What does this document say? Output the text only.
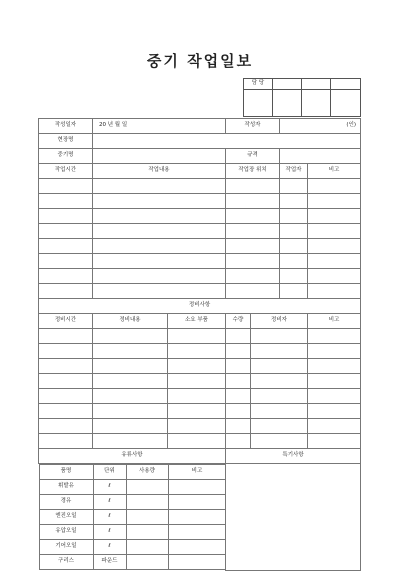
중기 작업일보
담 당			

작성일자	20 년 월 일	작성자	(인)
현장명	
중기명		규격	
작업시간	작업내용	작업장 위치	작업자	비고

정비사항
정비시간	정비내용	소요 부품	수량	정비자	비고

유류사항	특기사항

품명	단위	사용량	비고
휘발유	ℓ		
경유	ℓ		
엔진오일	ℓ		
유압오일	ℓ		
기어오일	ℓ		
구리스	파운드		
